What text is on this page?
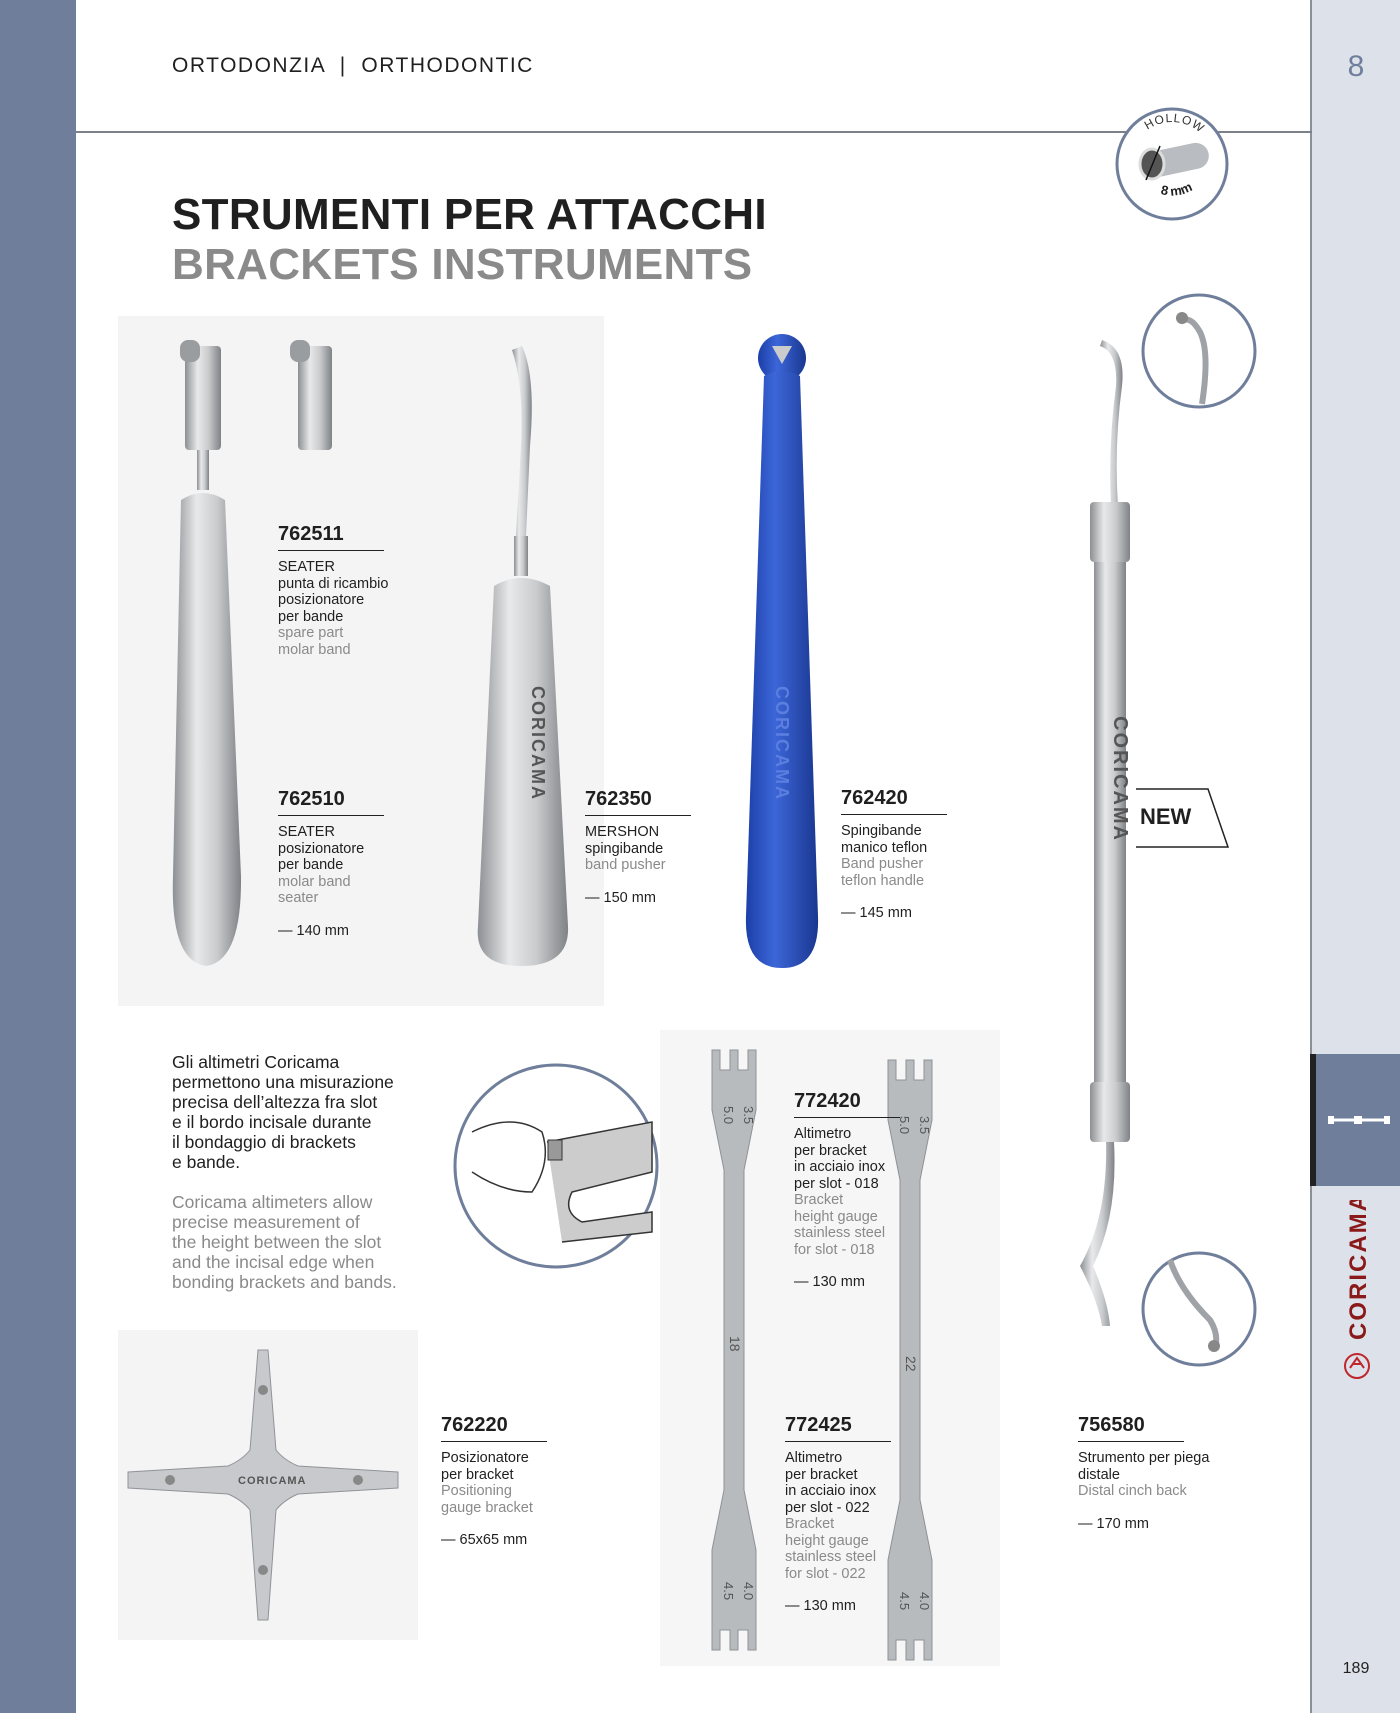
ORTODONZIA  |  ORTHODONTIC	8
189
CORICAMA
STRUMENTI PER ATTACCHI
BRACKETS INSTRUMENTS
HOLLOW
8 mm
CORICAMA	CORICAMA	CORICAMA NEW
762511
SEATER
punta di ricambio
posizionatore
per bande
spare part
molar band
762510
SEATER
posizionatore
per bande
molar band
seater
— 140 mm
762350
MERSHON
spingibande
band pusher
— 150 mm
762420
Spingibande
manico teflon
Band pusher
teflon handle
— 145 mm
Gli altimetri Coricama
permettono una misurazione
precisa dell’altezza fra slot
e il bordo incisale durante
il bondaggio di brackets
e bande.
Coricama altimeters allow
precise measurement of
the height between the slot
and the incisal edge when
bonding brackets and bands.
5.0 3.5
18
4.5 4.0
5.0 3.5
22
4.5 4.0
772420
Altimetro
per bracket
in acciaio inox
per slot - 018
Bracket
height gauge
stainless steel
for slot - 018
— 130 mm
CORICAMA
762220
Posizionatore
per bracket
Positioning
gauge bracket
— 65x65 mm
772425
Altimetro
per bracket
in acciaio inox
per slot - 022
Bracket
height gauge
stainless steel
for slot - 022
— 130 mm
756580
Strumento per piega
distale
Distal cinch back
— 170 mm
